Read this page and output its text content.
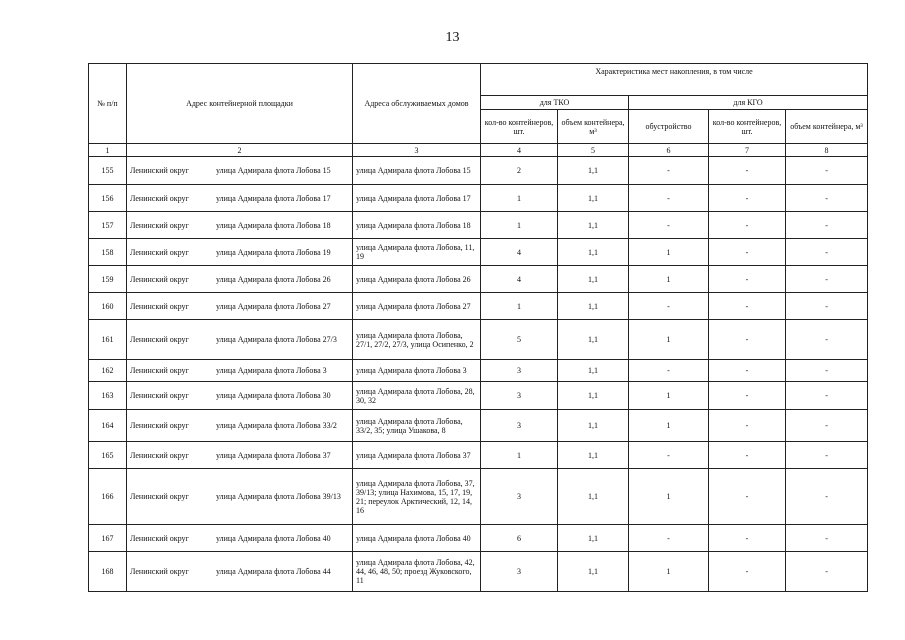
13
№ п/п	Адрес контейнерной площадки	Адреса обслуживаемых домов	Характеристика мест накопления, в том числе				
			для ТКО		для КГО		
			кол-во контейнеров, шт.	объем контейнера, м³	обустройство	кол-во контейнеров, шт.	объем контейнера, м³
1	2	3	4	5	6	7	8
155	Ленинский округ улица Адмирала флота Лобова 15	улица Адмирала флота Лобова 15	2	1,1	-	-	-
156	Ленинский округ улица Адмирала флота Лобова 17	улица Адмирала флота Лобова 17	1	1,1	-	-	-
157	Ленинский округ улица Адмирала флота Лобова 18	улица Адмирала флота Лобова 18	1	1,1	-	-	-
158	Ленинский округ улица Адмирала флота Лобова 19	улица Адмирала флота Лобова, 11, 19	4	1,1	1	-	-
159	Ленинский округ улица Адмирала флота Лобова 26	улица Адмирала флота Лобова 26	4	1,1	1	-	-
160	Ленинский округ улица Адмирала флота Лобова 27	улица Адмирала флота Лобова 27	1	1,1	-	-	-
161	Ленинский округ улица Адмирала флота Лобова 27/3	улица Адмирала флота Лобова, 27/1, 27/2, 27/3, улица Осипенко, 2	5	1,1	1	-	-
162	Ленинский округ улица Адмирала флота Лобова 3	улица Адмирала флота Лобова 3	3	1,1	-	-	-
163	Ленинский округ улица Адмирала флота Лобова 30	улица Адмирала флота Лобова, 28, 30, 32	3	1,1	1	-	-
164	Ленинский округ улица Адмирала флота Лобова 33/2	улица Адмирала флота Лобова, 33/2, 35; улица Ушакова, 8	3	1,1	1	-	-
165	Ленинский округ улица Адмирала флота Лобова 37	улица Адмирала флота Лобова 37	1	1,1	-	-	-
166	Ленинский округ улица Адмирала флота Лобова 39/13	улица Адмирала флота Лобова, 37, 39/13; улица Нахимова, 15, 17, 19, 21; переулок Арктический, 12, 14, 16	3	1,1	1	-	-
167	Ленинский округ улица Адмирала флота Лобова 40	улица Адмирала флота Лобова 40	6	1,1	-	-	-
168	Ленинский округ улица Адмирала флота Лобова 44	улица Адмирала флота Лобова, 42, 44, 46, 48, 50; проезд Жуковского, 11	3	1,1	1	-	-
